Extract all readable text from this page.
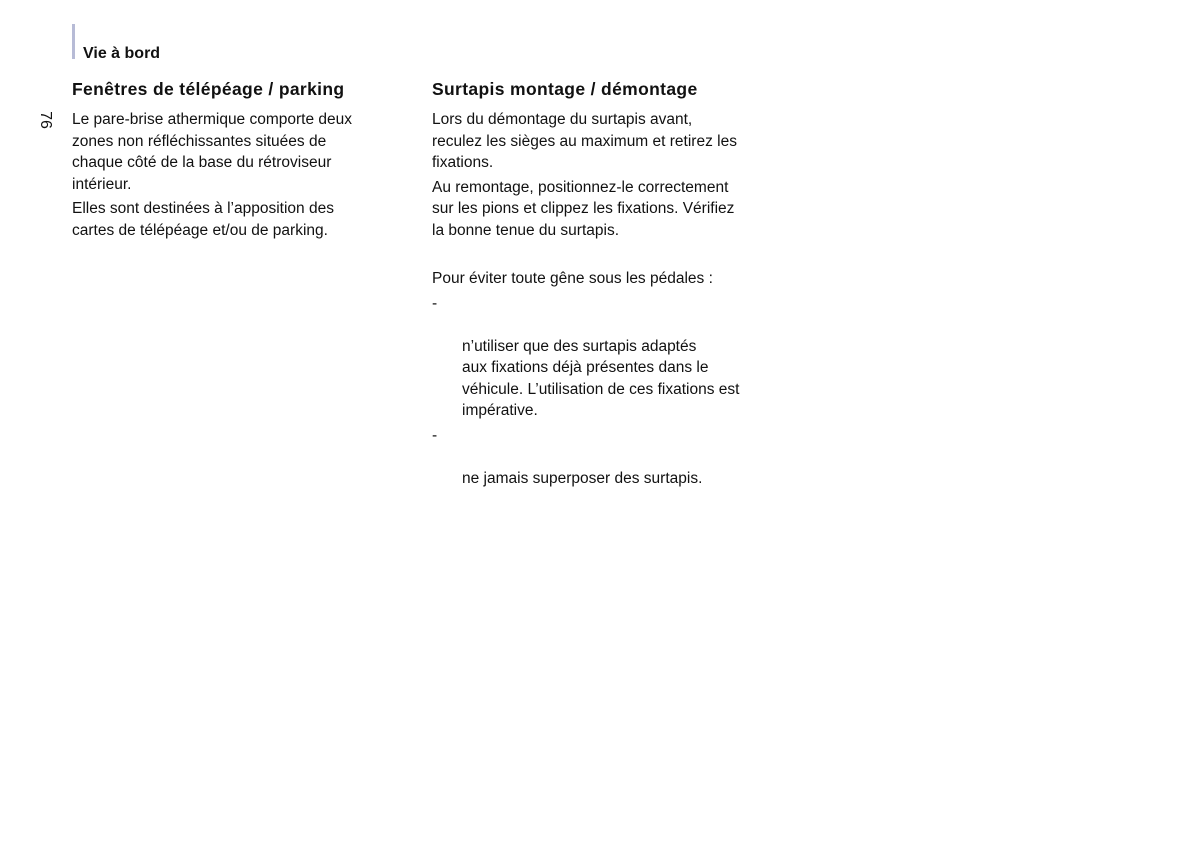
Vie à bord
76
Fenêtres de télépéage / parking

Le pare-brise athermique comporte deux
zones non réfléchissantes situées de
chaque côté de la base du rétroviseur
intérieur.

Elles sont destinées à l’apposition des
cartes de télépéage et/ou de parking.

Surtapis montage / démontage

Lors du démontage du surtapis avant,
reculez les sièges au maximum et retirez les
fixations.

Au remontage, positionnez-le correctement
sur les pions et clippez les fixations. Vérifiez
la bonne tenue du surtapis.

Pour éviter toute gêne sous les pédales :

-

n’utiliser que des surtapis adaptés
aux fixations déjà présentes dans le
véhicule. L’utilisation de ces fixations est
impérative.

-

ne jamais superposer des surtapis.
